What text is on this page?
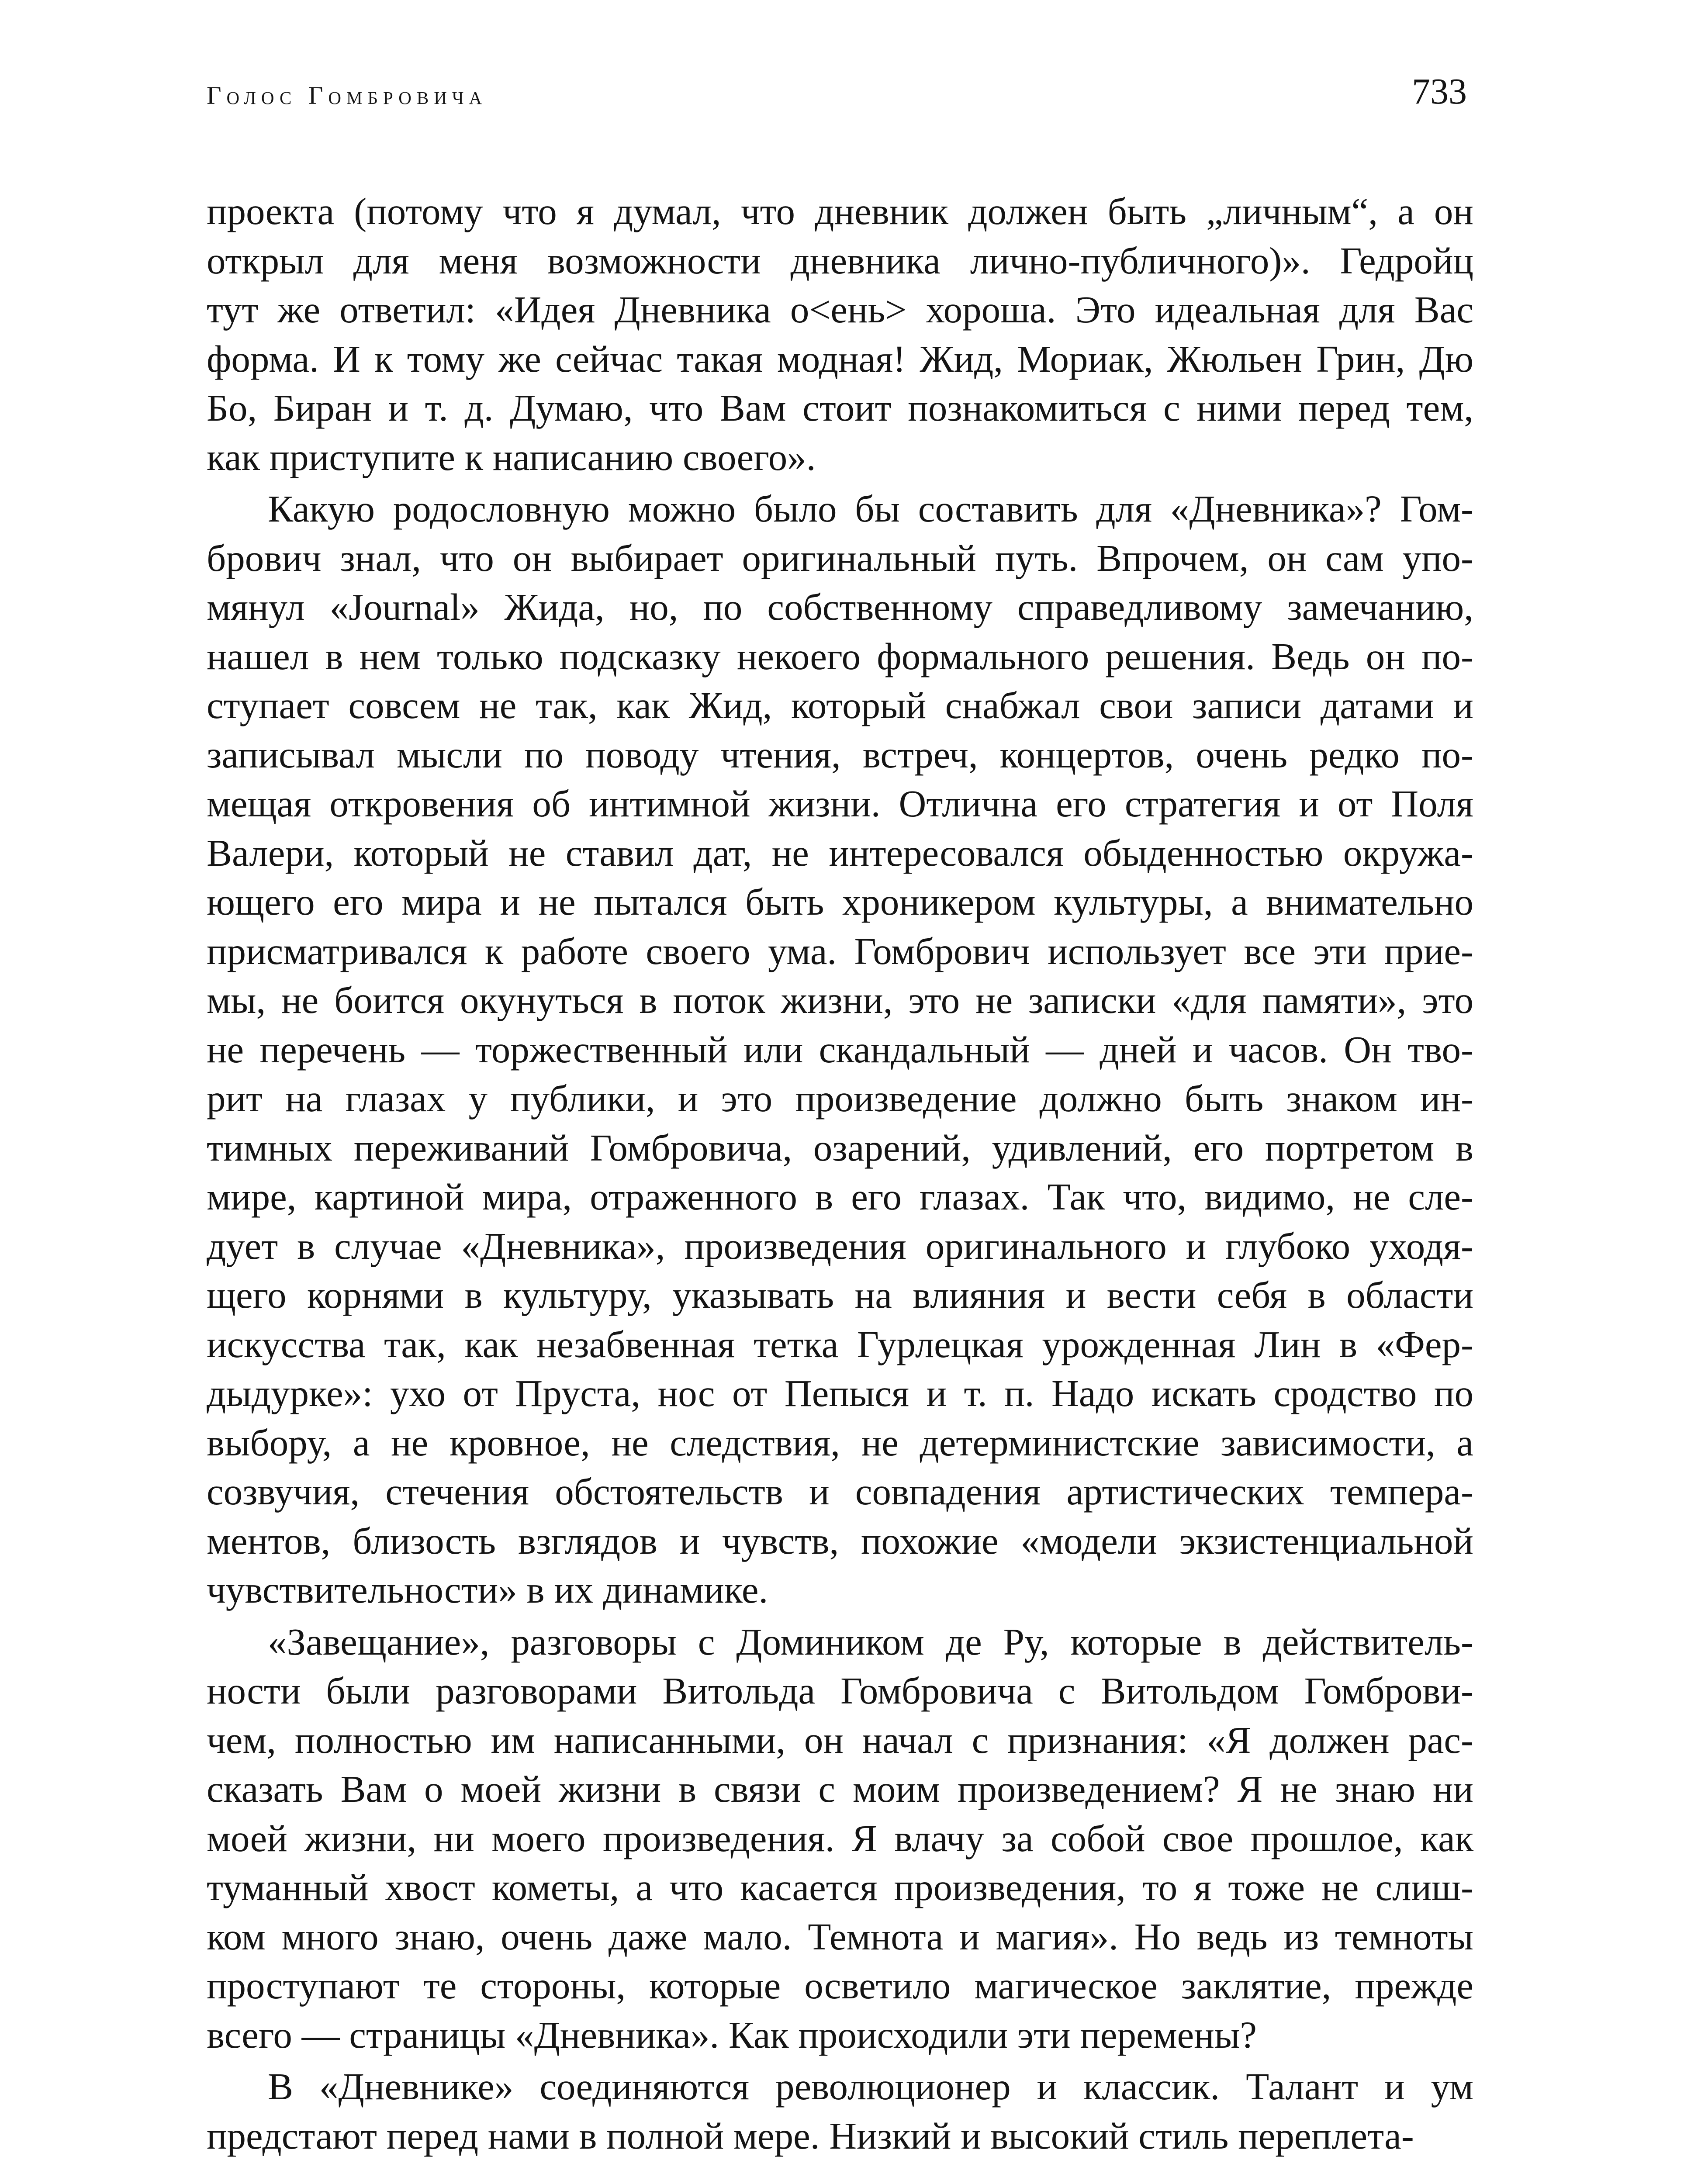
Голос Гомбровича	733
проекта (потому что я думал, что дневник должен быть „личным“, а он
открыл для меня возможности дневника лично-публичного)». Гедройц
тут же ответил: «Идея Дневника о<ень> хороша. Это идеальная для Вас
форма. И к тому же сейчас такая модная! Жид, Мориак, Жюльен Грин, Дю
Бо, Биран и т. д. Думаю, что Вам стоит познакомиться с ними перед тем,
как приступите к написанию своего».
Какую родословную можно было бы составить для «Дневника»? Гом-
брович знал, что он выбирает оригинальный путь. Впрочем, он сам упо-
мянул «Journal» Жида, но, по собственному справедливому замечанию,
нашел в нем только подсказку некоего формального решения. Ведь он по-
ступает совсем не так, как Жид, который снабжал свои записи датами и
записывал мысли по поводу чтения, встреч, концертов, очень редко по-
мещая откровения об интимной жизни. Отлична его стратегия и от Поля
Валери, который не ставил дат, не интересовался обыденностью окружа-
ющего его мира и не пытался быть хроникером культуры, а внимательно
присматривался к работе своего ума. Гомбрович использует все эти прие-
мы, не боится окунуться в поток жизни, это не записки «для памяти», это
не перечень — торжественный или скандальный — дней и часов. Он тво-
рит на глазах у публики, и это произведение должно быть знаком ин-
тимных переживаний Гомбровича, озарений, удивлений, его портретом в
мире, картиной мира, отраженного в его глазах. Так что, видимо, не сле-
дует в случае «Дневника», произведения оригинального и глубоко уходя-
щего корнями в культуру, указывать на влияния и вести себя в области
искусства так, как незабвенная тетка Гурлецкая урожденная Лин в «Фер-
дыдурке»: ухо от Пруста, нос от Пепыся и т. п. Надо искать сродство по
выбору, а не кровное, не следствия, не детерминистские зависимости, а
созвучия, стечения обстоятельств и совпадения артистических темпера-
ментов, близость взглядов и чувств, похожие «модели экзистенциальной
чувствительности» в их динамике.
«Завещание», разговоры с Домиником де Ру, которые в действитель-
ности были разговорами Витольда Гомбровича с Витольдом Гомброви-
чем, полностью им написанными, он начал с признания: «Я должен рас-
сказать Вам о моей жизни в связи с моим произведением? Я не знаю ни
моей жизни, ни моего произведения. Я влачу за собой свое прошлое, как
туманный хвост кометы, а что касается произведения, то я тоже не слиш-
ком много знаю, очень даже мало. Темнота и магия». Но ведь из темноты
проступают те стороны, которые осветило магическое заклятие, прежде
всего — страницы «Дневника». Как происходили эти перемены?
В «Дневнике» соединяются революционер и классик. Талант и ум
предстают перед нами в полной мере. Низкий и высокий стиль переплета-
